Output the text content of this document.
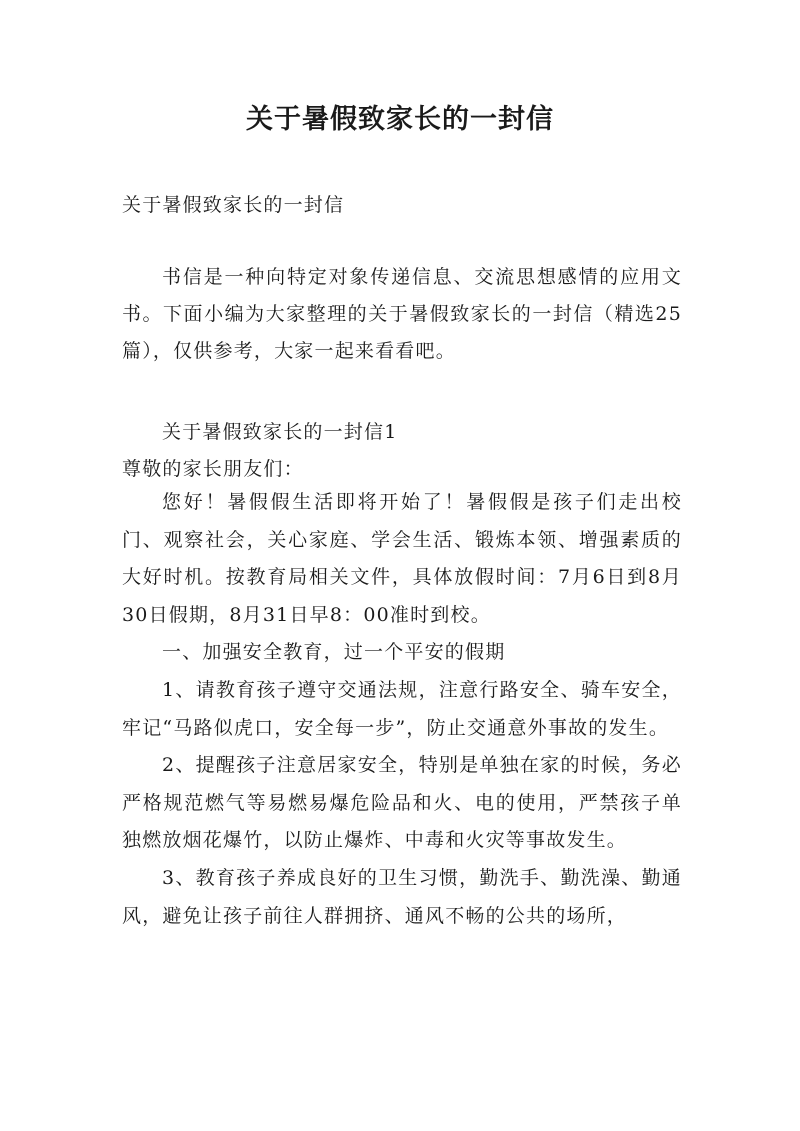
关于暑假致家长的一封信

关于暑假致家长的一封信

书信是一种向特定对象传递信息、交流思想感情的应用文书。下面小编为大家整理的关于暑假致家长的一封信（精选25篇），仅供参考，大家一起来看看吧。

关于暑假致家长的一封信1

尊敬的家长朋友们：

您好！暑假假生活即将开始了！暑假假是孩子们走出校门、观察社会，关心家庭、学会生活、锻炼本领、增强素质的大好时机。按教育局相关文件，具体放假时间：7月6日到8月30日假期，8月31日早8：00准时到校。

一、加强安全教育，过一个平安的假期

1、请教育孩子遵守交通法规，注意行路安全、骑车安全，牢记“马路似虎口，安全每一步”，防止交通意外事故的发生。

2、提醒孩子注意居家安全，特别是单独在家的时候，务必严格规范燃气等易燃易爆危险品和火、电的使用，严禁孩子单独燃放烟花爆竹，以防止爆炸、中毒和火灾等事故发生。

3、教育孩子养成良好的卫生习惯，勤洗手、勤洗澡、勤通风，避免让孩子前往人群拥挤、通风不畅的公共的场所，
